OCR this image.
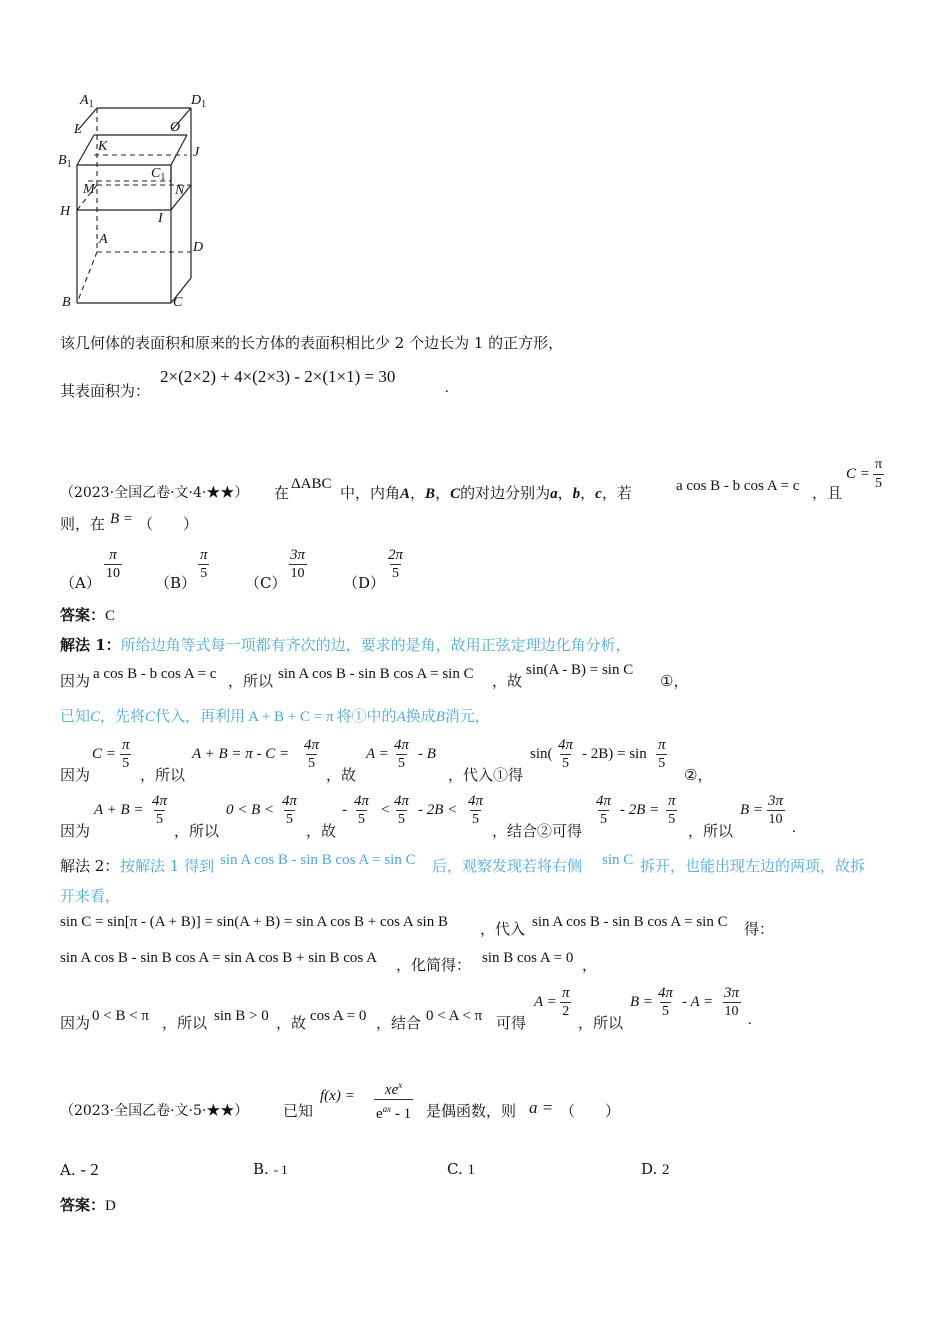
$A_1$	$D_1$
L	O
K
$B_1$
J
$C_1$
M	N
H	I
A
D
B	C
该几何体的表面积和原来的长方体的表面积相比少 2 个边长为 1 的正方形，
其表面积为：
2×(2×2) + 4×(2×3) - 2×(1×1) = 30
.
（2023·全国乙卷·文·4·★★） 在 ΔABC 中，内角A，B，C的对边分别为a，b，c，若	a cos B - b cos A = c ，且
$C = \frac{\pi}{5}$
则，在 B = （　　）
$(A) \frac{\pi}{10} (B) \frac{\pi}{5} (C) \frac{3\pi}{10} (D) \frac{2\pi}{5}$
答案：C
解法 1：所给边角等式每一项都有齐次的边，要求的是角，故用正弦定理边化角分析，
因为 a cos B - b cos A = c ，所以 sin A cos B - sin B cos A = sin C ，故
sin(A - B) = sin C
①，
已知C，先将C代入，再利用 A + B + C = π 将①中的A换成B消元，
因为
$C = \frac{\pi}{5}$
，所以
$A + B = \pi - C = \frac{4\pi}{5}$
，故
$A = \frac{4\pi}{5} - B$
，代入①得
$\sin( \frac{4\pi}{5} - 2B) = \sin \frac{\pi}{5}$
②，
因为
$A + B = \frac{4\pi}{5}$
，所以
$0 < B < \frac{4\pi}{5}$
，故
- $\frac{4\pi}{5} < \frac{4\pi}{5} - 2B < \frac{4\pi}{5}$
，结合②可得
$\frac{4\pi}{5} - 2B = \frac{\pi}{5}$
，所以
$B = \frac{3\pi}{10}$ .
解法 2： 按解法 1 得到 sin A cos B - sin B cos A = sin C 后，观察发现若将右侧 sin C 拆开，也能出现左边的两项，故拆
开来看，
sin C = sin[π - (A + B)] = sin(A + B) = sin A cos B + cos A sin B ，代入 sin A cos B - sin B cos A = sin C 得：
sin A cos B - sin B cos A = sin A cos B + sin B cos A ，化简得： sin B cos A = 0 ，
因为 0 < B < π ，所以 sin B > 0 ，故 cos A = 0 ，结合 0 < A < π 可得
$A = \frac{\pi}{2}$
，所以
$B = \frac{4\pi}{5} - A = \frac{3\pi}{10}$ .
（2023·全国乙卷·文·5·★★） 已知
$f(x) = xe^x$
$e^{ax} - 1$ 是偶函数，则 a = （　　）
A. - 2	B. - 1	C. 1	D. 2
答案：D
